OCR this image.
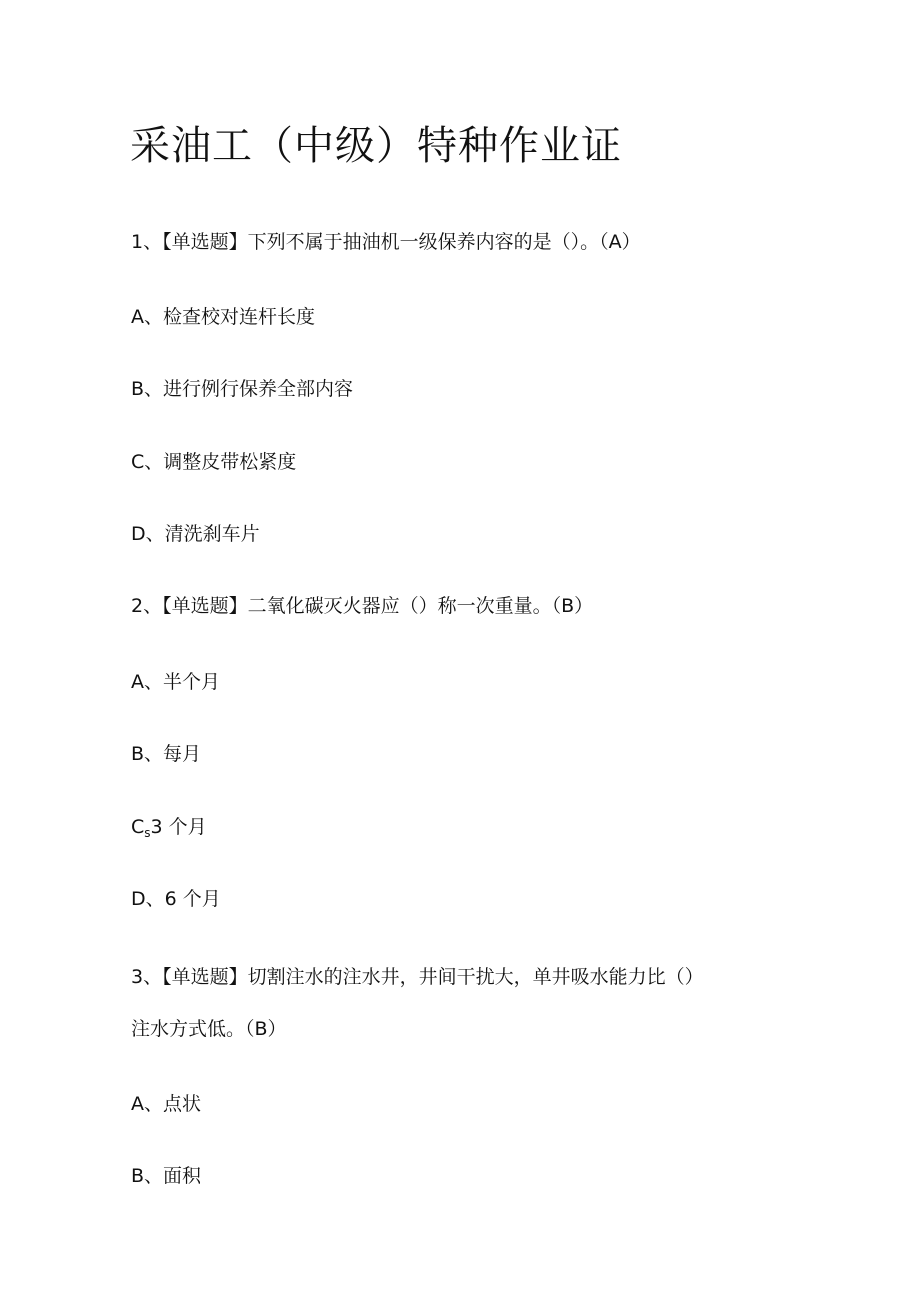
采油工（中级）特种作业证

1、【单选题】下列不属于抽油机一级保养内容的是（）。（A）

A、检查校对连杆长度

B、进行例行保养全部内容

C、调整皮带松紧度

D、清洗刹车片

2、【单选题】二氧化碳灭火器应（）称一次重量。（B）

A、半个月

B、每月

$C_s3$ 个月

D、6 个月

3、【单选题】切割注水的注水井，井间干扰大，单井吸水能力比（）

注水方式低。（B）

A、点状

B、面积
